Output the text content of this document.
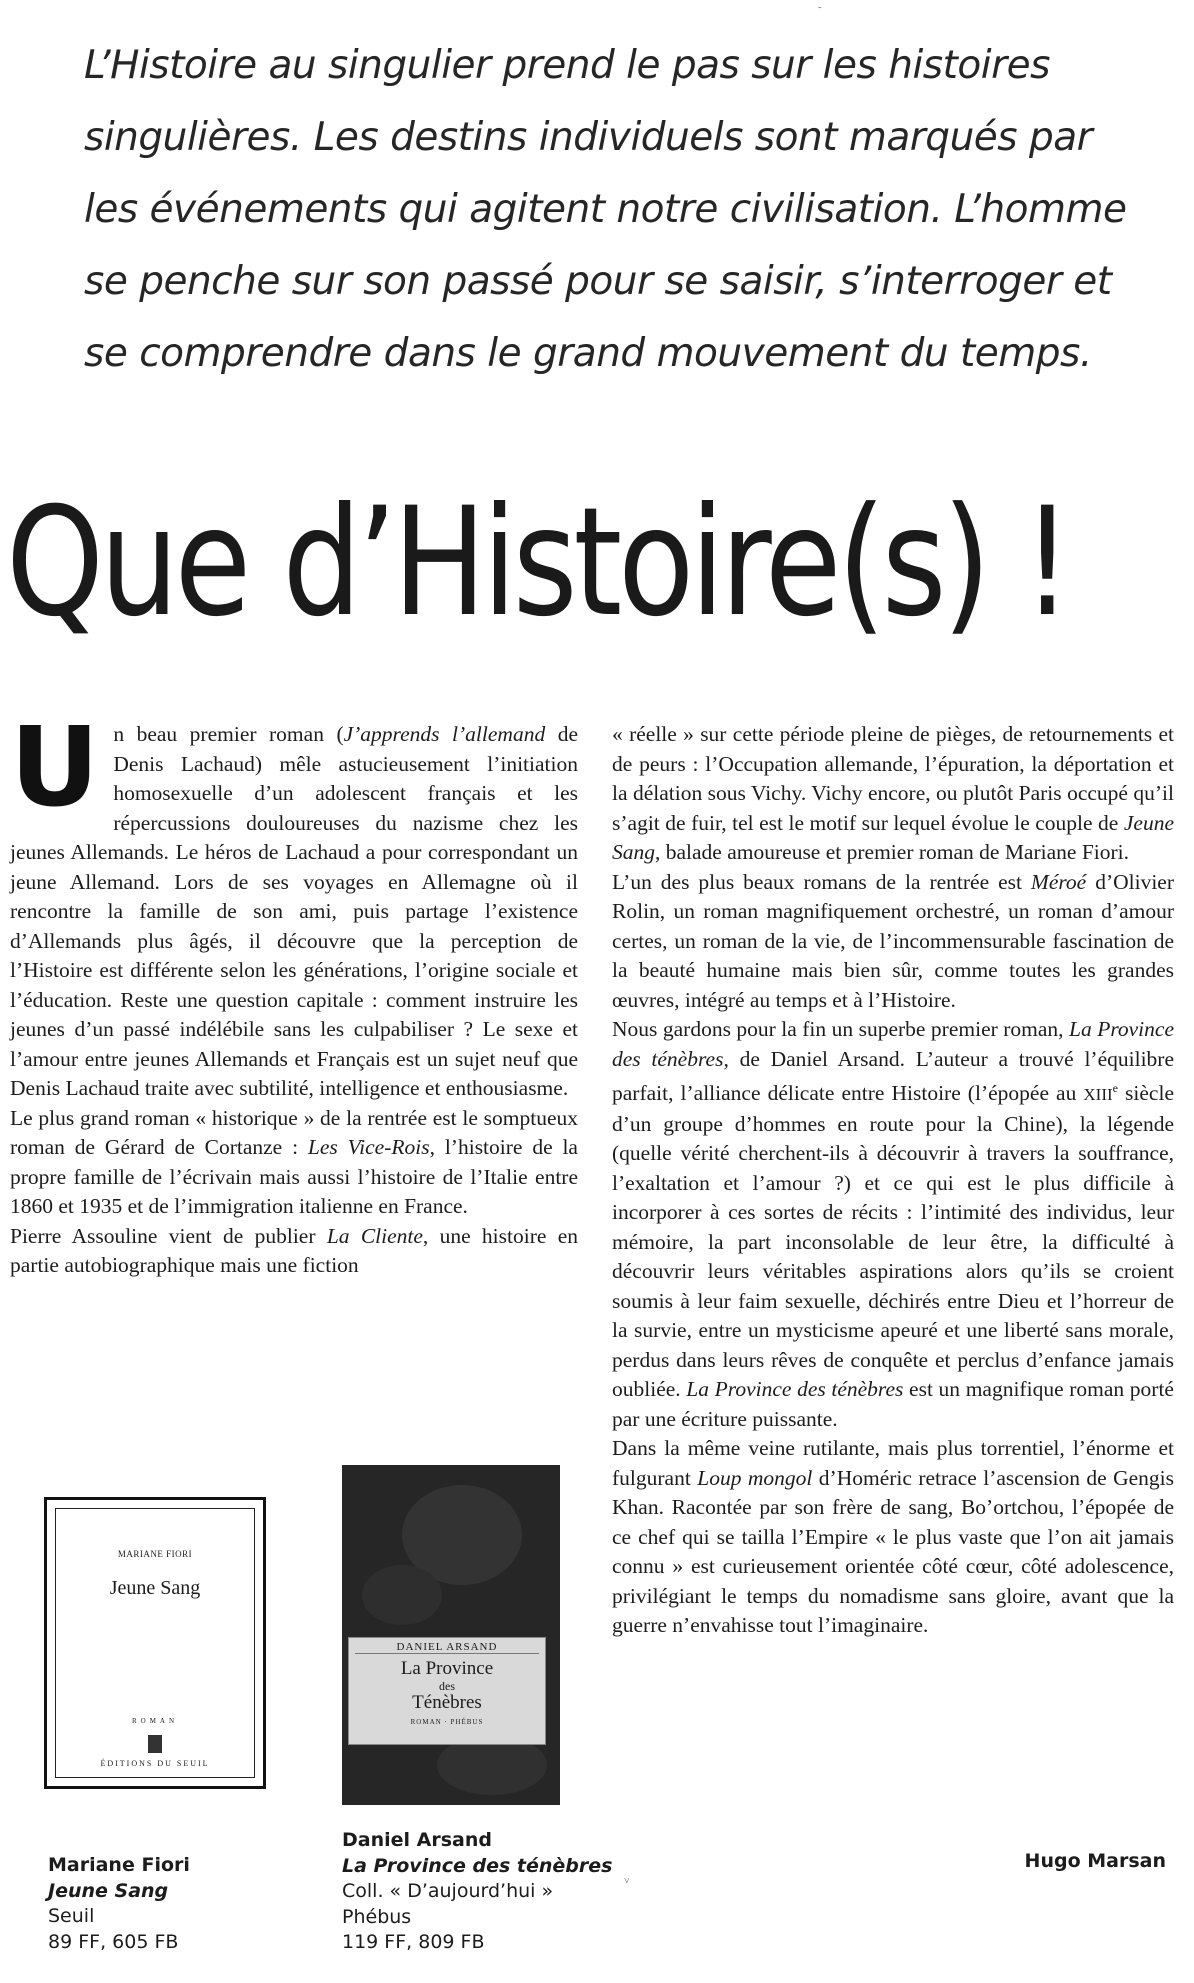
L’Histoire au singulier prend le pas sur les histoires singulières. Les destins individuels sont marqués par les événements qui agitent notre civilisation. L’homme se penche sur son passé pour se saisir, s’interroger et se comprendre dans le grand mouvement du temps.

Que d’Histoire(s) !

Un beau premier roman (J’apprends l’allemand de Denis Lachaud) mêle astucieusement l’initiation homosexuelle d’un adolescent français et les répercussions douloureuses du nazisme chez les jeunes Allemands. Le héros de Lachaud a pour correspondant un jeune Allemand. Lors de ses voyages en Allemagne où il rencontre la famille de son ami, puis partage l’existence d’Allemands plus âgés, il découvre que la perception de l’Histoire est différente selon les générations, l’origine sociale et l’éducation. Reste une question capitale : comment instruire les jeunes d’un passé indélébile sans les culpabiliser ? Le sexe et l’amour entre jeunes Allemands et Français est un sujet neuf que Denis Lachaud traite avec subtilité, intelligence et enthousiasme.

Le plus grand roman « historique » de la rentrée est le somptueux roman de Gérard de Cortanze : Les Vice-Rois, l’histoire de la propre famille de l’écrivain mais aussi l’histoire de l’Italie entre 1860 et 1935 et de l’immigration italienne en France.

Pierre Assouline vient de publier La Cliente, une histoire en partie autobiographique mais une fiction

« réelle » sur cette période pleine de pièges, de retournements et de peurs : l’Occupation allemande, l’épuration, la déportation et la délation sous Vichy. Vichy encore, ou plutôt Paris occupé qu’il s’agit de fuir, tel est le motif sur lequel évolue le couple de Jeune Sang, balade amoureuse et premier roman de Mariane Fiori.

L’un des plus beaux romans de la rentrée est Méroé d’Olivier Rolin, un roman magnifiquement orchestré, un roman d’amour certes, un roman de la vie, de l’incommensurable fascination de la beauté humaine mais bien sûr, comme toutes les grandes œuvres, intégré au temps et à l’Histoire.

Nous gardons pour la fin un superbe premier roman, La Province des ténèbres, de Daniel Arsand. L’auteur a trouvé l’équilibre parfait, l’alliance délicate entre Histoire (l’épopée au XIIIe siècle d’un groupe d’hommes en route pour la Chine), la légende (quelle vérité cherchent-ils à découvrir à travers la souffrance, l’exaltation et l’amour ?) et ce qui est le plus difficile à incorporer à ces sortes de récits : l’intimité des individus, leur mémoire, la part inconsolable de leur être, la difficulté à découvrir leurs véritables aspirations alors qu’ils se croient soumis à leur faim sexuelle, déchirés entre Dieu et l’horreur de la survie, entre un mysticisme apeuré et une liberté sans morale, perdus dans leurs rêves de conquête et perclus d’enfance jamais oubliée. La Province des ténèbres est un magnifique roman porté par une écriture puissante.

Dans la même veine rutilante, mais plus torrentiel, l’énorme et fulgurant Loup mongol d’Homéric retrace l’ascension de Gengis Khan. Racontée par son frère de sang, Bo’ortchou, l’épopée de ce chef qui se tailla l’Empire « le plus vaste que l’on ait jamais connu » est curieusement orientée côté cœur, côté adolescence, privilégiant le temps du nomadisme sans gloire, avant que la guerre n’envahisse tout l’imaginaire.

MARIANE FIORI
Jeune Sang
ROMAN
ÉDITIONS DU SEUIL
DANIEL ARSAND
La Province
des
Ténèbres
ROMAN · PHÉBUS
Mariane Fiori
Jeune Sang
Seuil
89 FF, 605 FB
Daniel Arsand
La Province des ténèbres
Coll. « D’aujourd’hui »
Phébus
119 FF, 809 FB
Hugo Marsan
˜
˅
